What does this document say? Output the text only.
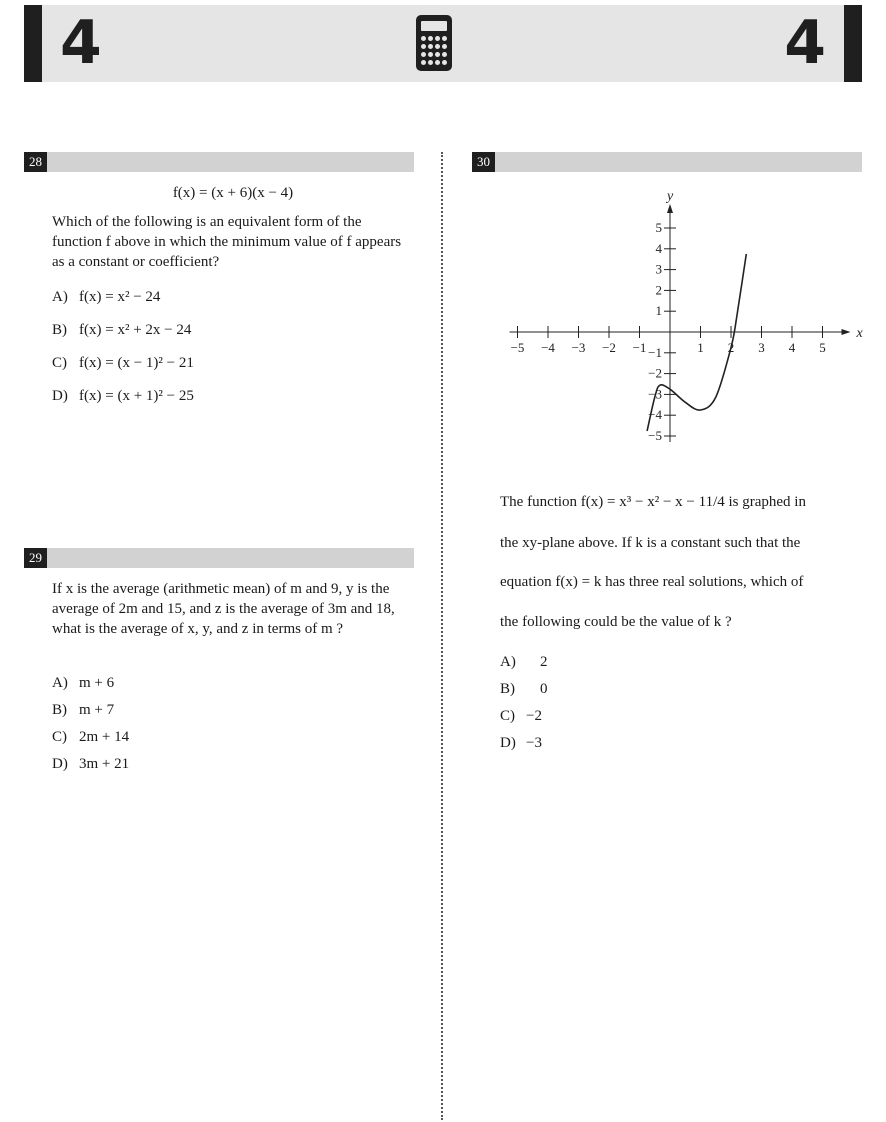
4	4
28
f(x) = (x + 6)(x − 4)
Which of the following is an equivalent form of the function f above in which the minimum value of f appears as a constant or coefficient?
A) f(x) = x² − 24
B) f(x) = x² + 2x − 24
C) f(x) = (x − 1)² − 21
D) f(x) = (x + 1)² − 25
29
If x is the average (arithmetic mean) of m and 9, y is the average of 2m and 15, and z is the average of 3m and 18, what is the average of x, y, and z in terms of m ?
A) m + 6
B) m + 7
C) 2m + 14
D) 3m + 21
30
x
y
−5 −4 −3 −2 −1	1 2 3 4 5
5
4
3
2
1
−1
−2
−3
−4
−5
The function f(x) = x³ − x² − x − 11/4 is graphed in
the xy-plane above. If k is a constant such that the
equation f(x) = k has three real solutions, which of
the following could be the value of k ?
A) 2
B) 0
C) −2
D) −3
